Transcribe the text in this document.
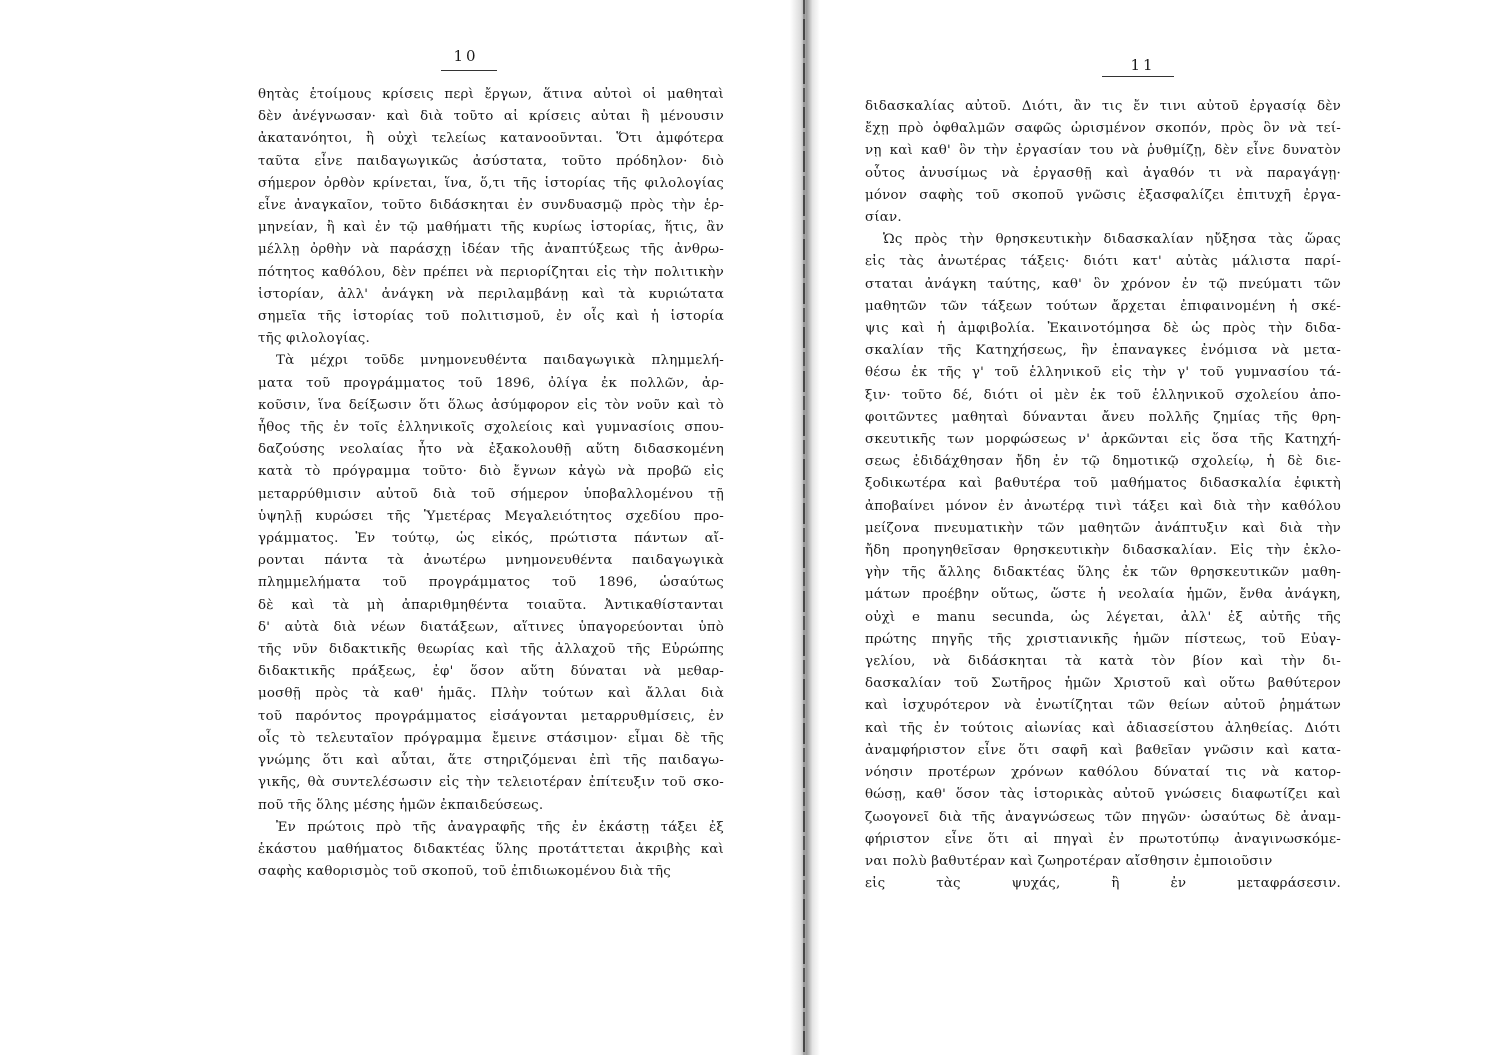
10
θητὰς ἑτοίμους κρίσεις περὶ ἔργων, ἅτινα αὐτοὶ οἱ μαθηταὶ
δὲν ἀνέγνωσαν· καὶ διὰ τοῦτο αἱ κρίσεις αὐται ἢ μένουσιν
ἀκατανόητοι, ἢ οὐχὶ τελείως κατανοοῦνται. Ὅτι ἀμφότερα
ταῦτα εἶνε παιδαγωγικῶς ἀσύστατα, τοῦτο πρόδηλον· διὸ
σήμερον ὀρθὸν κρίνεται, ἵνα, ὅ,τι τῆς ἱστορίας τῆς φιλολογίας
εἶνε ἀναγκαῖον, τοῦτο διδάσκηται ἐν συνδυασμῷ πρὸς τὴν ἑρ-
μηνείαν, ἢ καὶ ἐν τῷ μαθήματι τῆς κυρίως ἱστορίας, ἥτις, ἂν
μέλλῃ ὀρθὴν νὰ παράσχῃ ἰδέαν τῆς ἀναπτύξεως τῆς ἀνθρω-
πότητος καθόλου, δὲν πρέπει νὰ περιορίζηται εἰς τὴν πολιτικὴν
ἱστορίαν, ἀλλ' ἀνάγκη νὰ περιλαμβάνῃ καὶ τὰ κυριώτατα
σημεῖα τῆς ἱστορίας τοῦ πολιτισμοῦ, ἐν οἷς καὶ ἡ ἱστορία
τῆς φιλολογίας.
Τὰ μέχρι τοῦδε μνημονευθέντα παιδαγωγικὰ πλημμελή-
ματα τοῦ προγράμματος τοῦ 1896, ὀλίγα ἐκ πολλῶν, ἀρ-
κοῦσιν, ἵνα δείξωσιν ὅτι ὅλως ἀσύμφορον εἰς τὸν νοῦν καὶ τὸ
ἦθος τῆς ἐν τοῖς ἑλληνικοῖς σχολείοις καὶ γυμνασίοις σπου-
δαζούσης νεολαίας ἦτο νὰ ἐξακολουθῇ αὕτη διδασκομένη
κατὰ τὸ πρόγραμμα τοῦτο· διὸ ἔγνων κἀγὼ νὰ προβῶ εἰς
μεταρρύθμισιν αὐτοῦ διὰ τοῦ σήμερον ὑποβαλλομένου τῇ
ὑψηλῇ κυρώσει τῆς Ὑμετέρας Μεγαλειότητος σχεδίου προ-
γράμματος. Ἐν τούτῳ, ὡς εἰκός, πρώτιστα πάντων αἴ-
ρονται πάντα τὰ ἀνωτέρω μνημονευθέντα παιδαγωγικὰ
πλημμελήματα τοῦ προγράμματος τοῦ 1896, ὡσαύτως
δὲ καὶ τὰ μὴ ἀπαριθμηθέντα τοιαῦτα. Ἀντικαθίστανται
δ' αὐτὰ διὰ νέων διατάξεων, αἵτινες ὑπαγορεύονται ὑπὸ
τῆς νῦν διδακτικῆς θεωρίας καὶ τῆς ἀλλαχοῦ τῆς Εὐρώπης
διδακτικῆς πράξεως, ἐφ' ὅσον αὕτη δύναται νὰ μεθαρ-
μοσθῇ πρὸς τὰ καθ' ἡμᾶς. Πλὴν τούτων καὶ ἄλλαι διὰ
τοῦ παρόντος προγράμματος εἰσάγονται μεταρρυθμίσεις, ἐν
οἷς τὸ τελευταῖον πρόγραμμα ἔμεινε στάσιμον· εἶμαι δὲ τῆς
γνώμης ὅτι καὶ αὗται, ἅτε στηριζόμεναι ἐπὶ τῆς παιδαγω-
γικῆς, θὰ συντελέσωσιν εἰς τὴν τελειοτέραν ἐπίτευξιν τοῦ σκο-
ποῦ τῆς ὅλης μέσης ἡμῶν ἐκπαιδεύσεως.
Ἐν πρώτοις πρὸ τῆς ἀναγραφῆς τῆς ἐν ἑκάστῃ τάξει ἐξ
ἑκάστου μαθήματος διδακτέας ὕλης προτάττεται ἀκριβὴς καὶ
σαφὴς καθορισμὸς τοῦ σκοποῦ, τοῦ ἐπιδιωκομένου διὰ τῆς
11
διδασκαλίας αὐτοῦ. Διότι, ἂν τις ἔν τινι αὐτοῦ ἐργασίᾳ δὲν
ἔχῃ πρὸ ὀφθαλμῶν σαφῶς ὡρισμένον σκοπόν, πρὸς ὃν νὰ τεί-
νῃ καὶ καθ' ὃν τὴν ἐργασίαν του νὰ ῥυθμίζῃ, δὲν εἶνε δυνατὸν
οὗτος ἀνυσίμως νὰ ἐργασθῇ καὶ ἀγαθόν τι νὰ παραγάγῃ·
μόνον σαφὴς τοῦ σκοποῦ γνῶσις ἐξασφαλίζει ἐπιτυχῆ ἐργα-
σίαν.
Ὡς πρὸς τὴν θρησκευτικὴν διδασκαλίαν ηὔξησα τὰς ὥρας
εἰς τὰς ἀνωτέρας τάξεις· διότι κατ' αὐτὰς μάλιστα παρί-
σταται ἀνάγκη ταύτης, καθ' ὃν χρόνον ἐν τῷ πνεύματι τῶν
μαθητῶν τῶν τάξεων τούτων ἄρχεται ἐπιφαινομένη ἡ σκέ-
ψις καὶ ἡ ἀμφιβολία. Ἐκαινοτόμησα δὲ ὡς πρὸς τὴν διδα-
σκαλίαν τῆς Κατηχήσεως, ἣν ἐπαναγκες ἐνόμισα νὰ μετα-
θέσω ἐκ τῆς γ' τοῦ ἑλληνικοῦ εἰς τὴν γ' τοῦ γυμνασίου τά-
ξιν· τοῦτο δέ, διότι οἱ μὲν ἐκ τοῦ ἑλληνικοῦ σχολείου ἀπο-
φοιτῶντες μαθηταὶ δύνανται ἄνευ πολλῆς ζημίας τῆς θρη-
σκευτικῆς των μορφώσεως ν' ἀρκῶνται εἰς ὅσα τῆς Κατηχή-
σεως ἐδιδάχθησαν ἤδη ἐν τῷ δημοτικῷ σχολείῳ, ἡ δὲ διε-
ξοδικωτέρα καὶ βαθυτέρα τοῦ μαθήματος διδασκαλία ἐφικτὴ
ἀποβαίνει μόνον ἐν ἀνωτέρᾳ τινὶ τάξει καὶ διὰ τὴν καθόλου
μείζονα πνευματικὴν τῶν μαθητῶν ἀνάπτυξιν καὶ διὰ τὴν
ἤδη προηγηθεῖσαν θρησκευτικὴν διδασκαλίαν. Εἰς τὴν ἐκλο-
γὴν τῆς ἄλλης διδακτέας ὕλης ἐκ τῶν θρησκευτικῶν μαθη-
μάτων προέβην οὕτως, ὥστε ἡ νεολαία ἡμῶν, ἔνθα ἀνάγκη,
οὐχὶ e manu secunda, ὡς λέγεται, ἀλλ' ἐξ αὐτῆς τῆς
πρώτης πηγῆς τῆς χριστιανικῆς ἡμῶν πίστεως, τοῦ Εὐαγ-
γελίου, νὰ διδάσκηται τὰ κατὰ τὸν βίον καὶ τὴν δι-
δασκαλίαν τοῦ Σωτῆρος ἡμῶν Χριστοῦ καὶ οὕτω βαθύτερον
καὶ ἰσχυρότερον νὰ ἐνωτίζηται τῶν θείων αὐτοῦ ῥημάτων
καὶ τῆς ἐν τούτοις αἰωνίας καὶ ἀδιασείστου ἀληθείας. Διότι
ἀναμφήριστον εἶνε ὅτι σαφῆ καὶ βαθεῖαν γνῶσιν καὶ κατα-
νόησιν προτέρων χρόνων καθόλου δύναταί τις νὰ κατορ-
θώσῃ, καθ' ὅσον τὰς ἱστορικὰς αὐτοῦ γνώσεις διαφωτίζει καὶ
ζωογονεῖ διὰ τῆς ἀναγνώσεως τῶν πηγῶν· ὡσαύτως δὲ ἀναμ-
φήριστον εἶνε ὅτι αἱ πηγαὶ ἐν πρωτοτύπῳ ἀναγινωσκόμε-
ναι πολὺ βαθυτέραν καὶ ζωηροτέραν αἴσθησιν ἐμποιοῦσιν
εἰς τὰς ψυχάς, ἢ ἐν μεταφράσεσιν.
